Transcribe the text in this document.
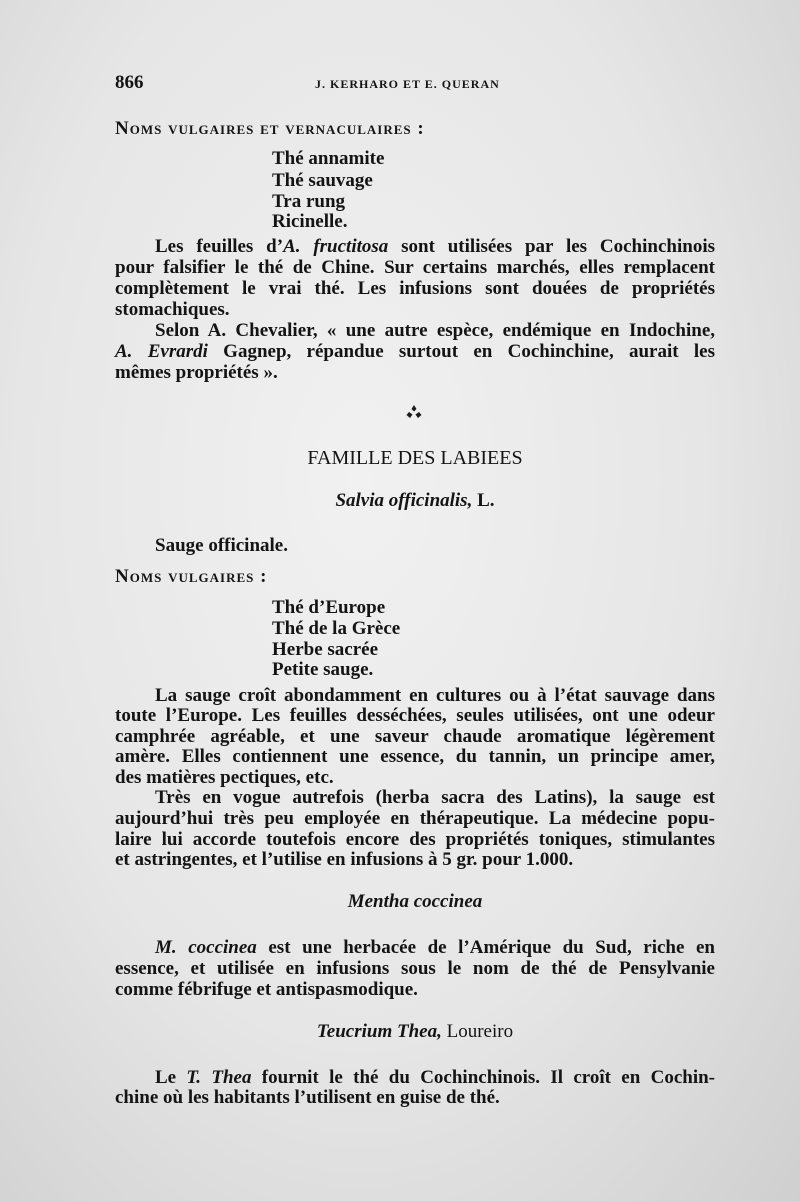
866	J. KERHARO ET E. QUERAN
Noms vulgaires et vernaculaires :
Thé annamite
Thé sauvage
Tra rung
Ricinelle.
Les feuilles d’A. fructitosa sont utilisées par les Cochinchinois
pour falsifier le thé de Chine. Sur certains marchés, elles remplacent
complètement le vrai thé. Les infusions sont douées de propriétés
stomachiques.
Selon A. Chevalier, « une autre espèce, endémique en Indochine,
A. Evrardi Gagnep, répandue surtout en Cochinchine, aurait les
mêmes propriétés ».
FAMILLE DES LABIEES
Salvia officinalis, L.
Sauge officinale.
Noms vulgaires :
Thé d’Europe
Thé de la Grèce
Herbe sacrée
Petite sauge.
La sauge croît abondamment en cultures ou à l’état sauvage dans
toute l’Europe. Les feuilles desséchées, seules utilisées, ont une odeur
camphrée agréable, et une saveur chaude aromatique légèrement
amère. Elles contiennent une essence, du tannin, un principe amer,
des matières pectiques, etc.
Très en vogue autrefois (herba sacra des Latins), la sauge est
aujourd’hui très peu employée en thérapeutique. La médecine popu-
laire lui accorde toutefois encore des propriétés toniques, stimulantes
et astringentes, et l’utilise en infusions à 5 gr. pour 1.000.
Mentha coccinea
M. coccinea est une herbacée de l’Amérique du Sud, riche en
essence, et utilisée en infusions sous le nom de thé de Pensylvanie
comme fébrifuge et antispasmodique.
Teucrium Thea, Loureiro
Le T. Thea fournit le thé du Cochinchinois. Il croît en Cochin-
chine où les habitants l’utilisent en guise de thé.
